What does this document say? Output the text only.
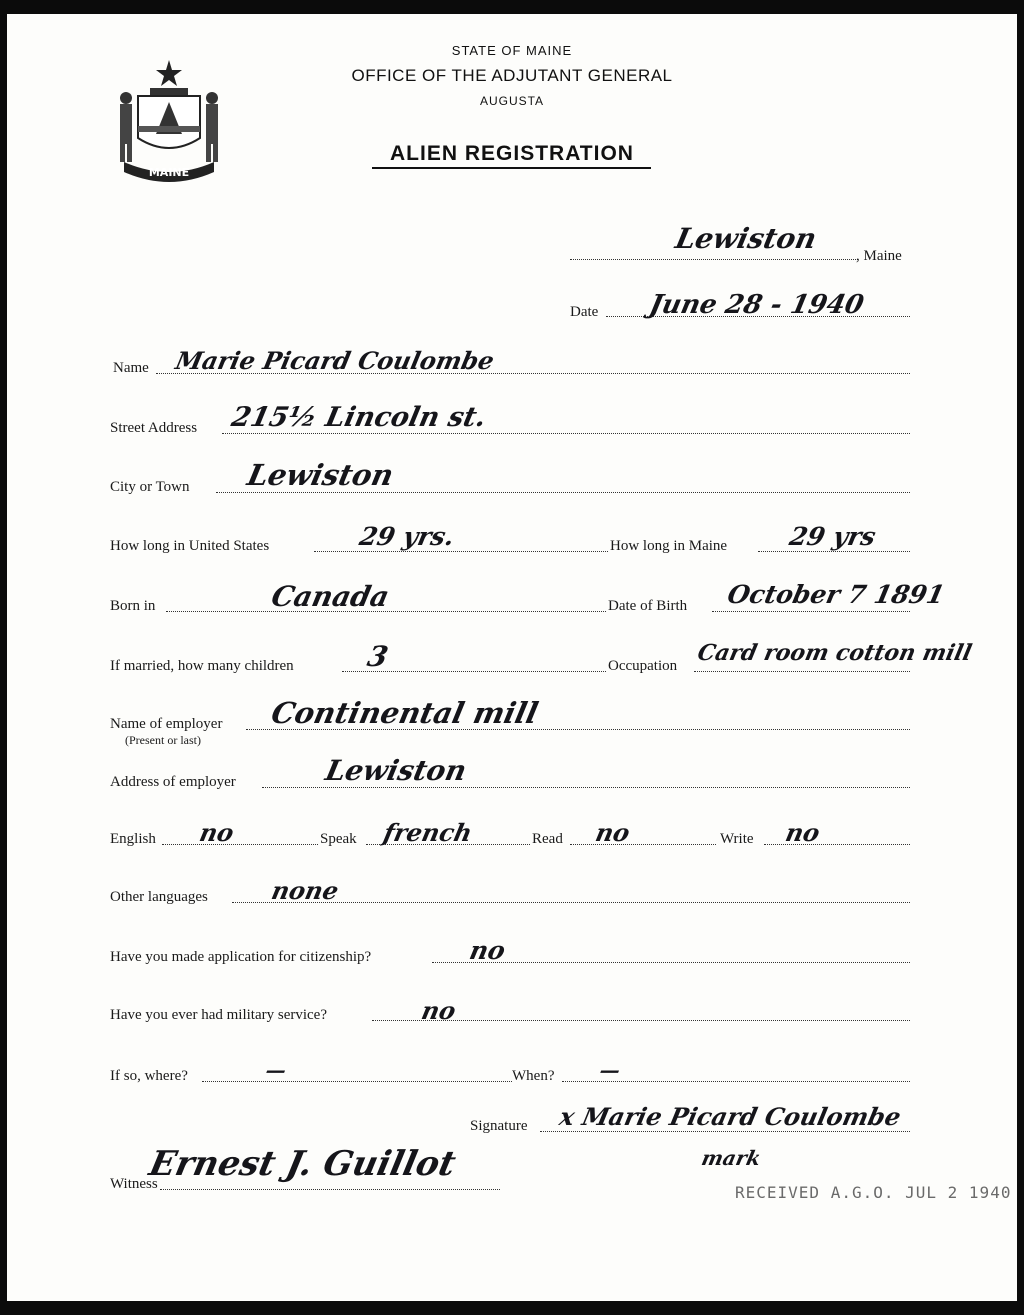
MAINE
STATE OF MAINE
OFFICE OF THE ADJUTANT GENERAL
AUGUSTA
ALIEN REGISTRATION
Lewiston
, Maine
Date June 28 - 1940
Name Marie Picard Coulombe
Street Address 215½ Lincoln st.
City or Town Lewiston
How long in United States	29 yrs.	How long in Maine 29 yrs
Born in	Canada	Date of Birth October 7 1891
If married, how many children	3	Occupation Card room cotton mill
Name of employer
(Present or last)
Continental mill
Address of employer	Lewiston
English no	Speak french	Read no	Write no
Other languages	none
Have you made application for citizenship?	no
Have you ever had military service?	no
If so, where?	—	When? —
Signature x Marie Picard Coulombe
mark
Witness
Ernest J. Guillot
RECEIVED A.G.O. JUL 2 1940
